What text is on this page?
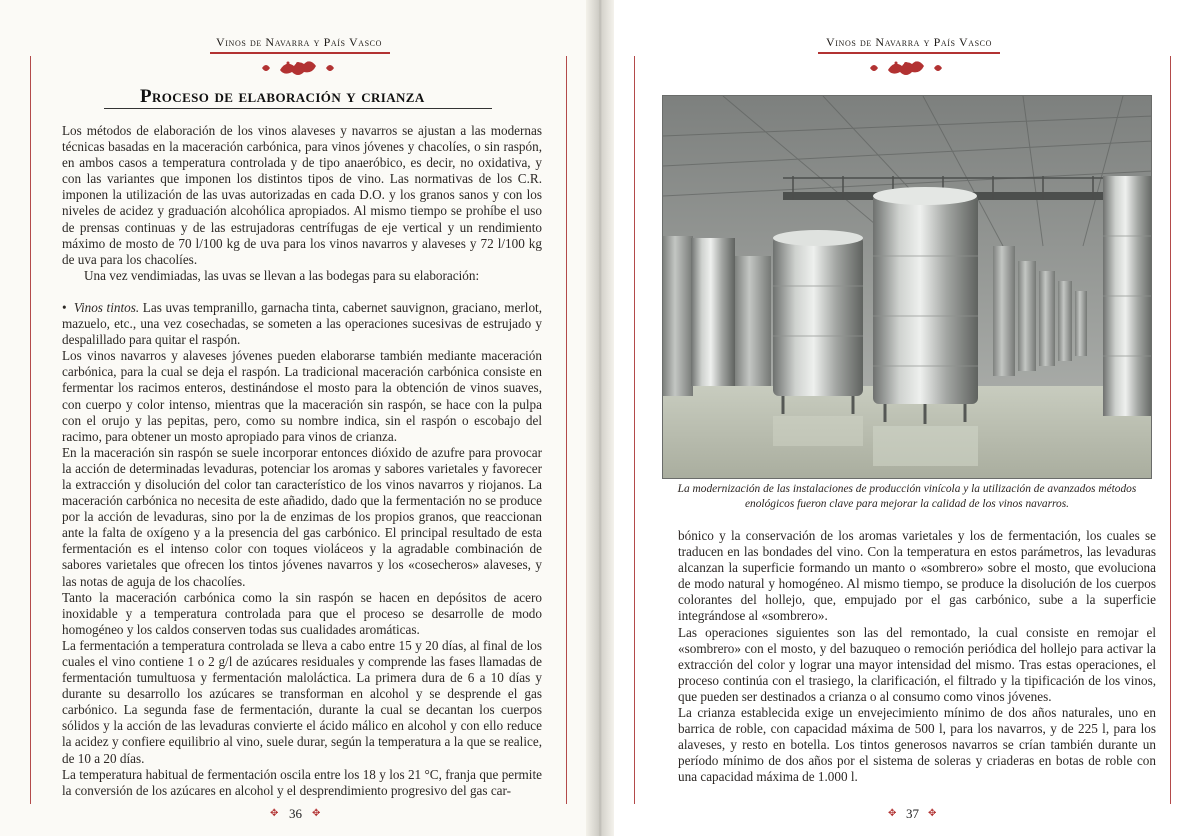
Vinos de Navarra y País Vasco
Proceso de elaboración y crianza

Los métodos de elaboración de los vinos alaveses y navarros se ajustan a las modernas técnicas basadas en la maceración carbónica, para vinos jóvenes y chacolíes, o sin raspón, en ambos casos a temperatura controlada y de tipo anaeróbico, es decir, no oxidativa, y con las variantes que imponen los distintos tipos de vino. Las normativas de los C.R. imponen la utilización de las uvas autorizadas en cada D.O. y los granos sanos y con los niveles de acidez y graduación alcohólica apropiados. Al mismo tiempo se prohíbe el uso de prensas continuas y de las estrujadoras centrífugas de eje vertical y un rendimiento máximo de mosto de 70 l/100 kg de uva para los vinos navarros y alaveses y 72 l/100 kg de uva para los chacolíes.

Una vez vendimiadas, las uvas se llevan a las bodegas para su elaboración:

• Vinos tintos. Las uvas tempranillo, garnacha tinta, cabernet sauvignon, graciano, merlot, mazuelo, etc., una vez cosechadas, se someten a las operaciones sucesivas de estrujado y despalillado para quitar el raspón.

Los vinos navarros y alaveses jóvenes pueden elaborarse también mediante maceración carbónica, para la cual se deja el raspón. La tradicional maceración carbónica consiste en fermentar los racimos enteros, destinándose el mosto para la obtención de vinos suaves, con cuerpo y color intenso, mientras que la maceración sin raspón, se hace con la pulpa con el orujo y las pepitas, pero, como su nombre indica, sin el raspón o escobajo del racimo, para obtener un mosto apropiado para vinos de crianza.

En la maceración sin raspón se suele incorporar entonces dióxido de azufre para provocar la acción de determinadas levaduras, potenciar los aromas y sabores varietales y favorecer la extracción y disolución del color tan característico de los vinos navarros y riojanos. La maceración carbónica no necesita de este añadido, dado que la fermentación no se produce por la acción de levaduras, sino por la de enzimas de los propios granos, que reaccionan ante la falta de oxígeno y a la presencia del gas carbónico. El principal resultado de esta fermentación es el intenso color con toques violáceos y la agradable combinación de sabores varietales que ofrecen los tintos jóvenes navarros y los «cosecheros» alaveses, y las notas de aguja de los chacolíes.

Tanto la maceración carbónica como la sin raspón se hacen en depósitos de acero inoxidable y a temperatura controlada para que el proceso se desarrolle de modo homogéneo y los caldos conserven todas sus cualidades aromáticas.

La fermentación a temperatura controlada se lleva a cabo entre 15 y 20 días, al final de los cuales el vino contiene 1 o 2 g/l de azúcares residuales y comprende las fases llamadas de fermentación tumultuosa y fermentación maloláctica. La primera dura de 6 a 10 días y durante su desarrollo los azúcares se transforman en alcohol y se desprende el gas carbónico. La segunda fase de fermentación, durante la cual se decantan los cuerpos sólidos y la acción de las levaduras convierte el ácido málico en alcohol y con ello reduce la acidez y confiere equilibrio al vino, suele durar, según la temperatura a la que se realice, de 10 a 20 días.

La temperatura habitual de fermentación oscila entre los 18 y los 21 °C, franja que permite la conversión de los azúcares en alcohol y el desprendimiento progresivo del gas car-

✥ 36 ✥
Vinos de Navarra y País Vasco
La modernización de las instalaciones de producción vinícola y la utilización de avanzados métodos enológicos fueron clave para mejorar la calidad de los vinos navarros.

bónico y la conservación de los aromas varietales y los de fermentación, los cuales se traducen en las bondades del vino. Con la temperatura en estos parámetros, las levaduras alcanzan la superficie formando un manto o «sombrero» sobre el mosto, que evoluciona de modo natural y homogéneo. Al mismo tiempo, se produce la disolución de los cuerpos colorantes del hollejo, que, empujado por el gas carbónico, sube a la superficie integrándose al «sombrero».

Las operaciones siguientes son las del remontado, la cual consiste en remojar el «sombrero» con el mosto, y del bazuqueo o remoción periódica del hollejo para activar la extracción del color y lograr una mayor intensidad del mismo. Tras estas operaciones, el proceso continúa con el trasiego, la clarificación, el filtrado y la tipificación de los vinos, que pueden ser destinados a crianza o al consumo como vinos jóvenes.

La crianza establecida exige un envejecimiento mínimo de dos años naturales, uno en barrica de roble, con capacidad máxima de 500 l, para los navarros, y de 225 l, para los alaveses, y resto en botella. Los tintos generosos navarros se crían también durante un período mínimo de dos años por el sistema de soleras y criaderas en botas de roble con una capacidad máxima de 1.000 l.

✥ 37 ✥
